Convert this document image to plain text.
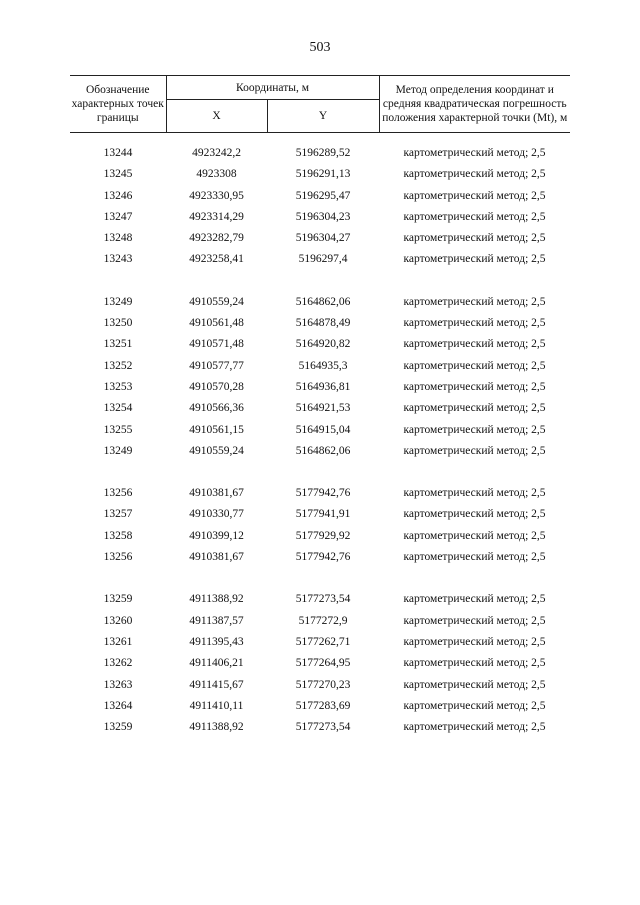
503
Обозначение характерных точек границы	Координаты, м		Метод определения координат и средняя квадратическая погрешность положения характерной точки (Mt), м
	X	Y	

13244	4923242,2	5196289,52	картометрический метод; 2,5
13245	4923308	5196291,13	картометрический метод; 2,5
13246	4923330,95	5196295,47	картометрический метод; 2,5
13247	4923314,29	5196304,23	картометрический метод; 2,5
13248	4923282,79	5196304,27	картометрический метод; 2,5
13243	4923258,41	5196297,4	картометрический метод; 2,5

13249	4910559,24	5164862,06	картометрический метод; 2,5
13250	4910561,48	5164878,49	картометрический метод; 2,5
13251	4910571,48	5164920,82	картометрический метод; 2,5
13252	4910577,77	5164935,3	картометрический метод; 2,5
13253	4910570,28	5164936,81	картометрический метод; 2,5
13254	4910566,36	5164921,53	картометрический метод; 2,5
13255	4910561,15	5164915,04	картометрический метод; 2,5
13249	4910559,24	5164862,06	картометрический метод; 2,5

13256	4910381,67	5177942,76	картометрический метод; 2,5
13257	4910330,77	5177941,91	картометрический метод; 2,5
13258	4910399,12	5177929,92	картометрический метод; 2,5
13256	4910381,67	5177942,76	картометрический метод; 2,5

13259	4911388,92	5177273,54	картометрический метод; 2,5
13260	4911387,57	5177272,9	картометрический метод; 2,5
13261	4911395,43	5177262,71	картометрический метод; 2,5
13262	4911406,21	5177264,95	картометрический метод; 2,5
13263	4911415,67	5177270,23	картометрический метод; 2,5
13264	4911410,11	5177283,69	картометрический метод; 2,5
13259	4911388,92	5177273,54	картометрический метод; 2,5
